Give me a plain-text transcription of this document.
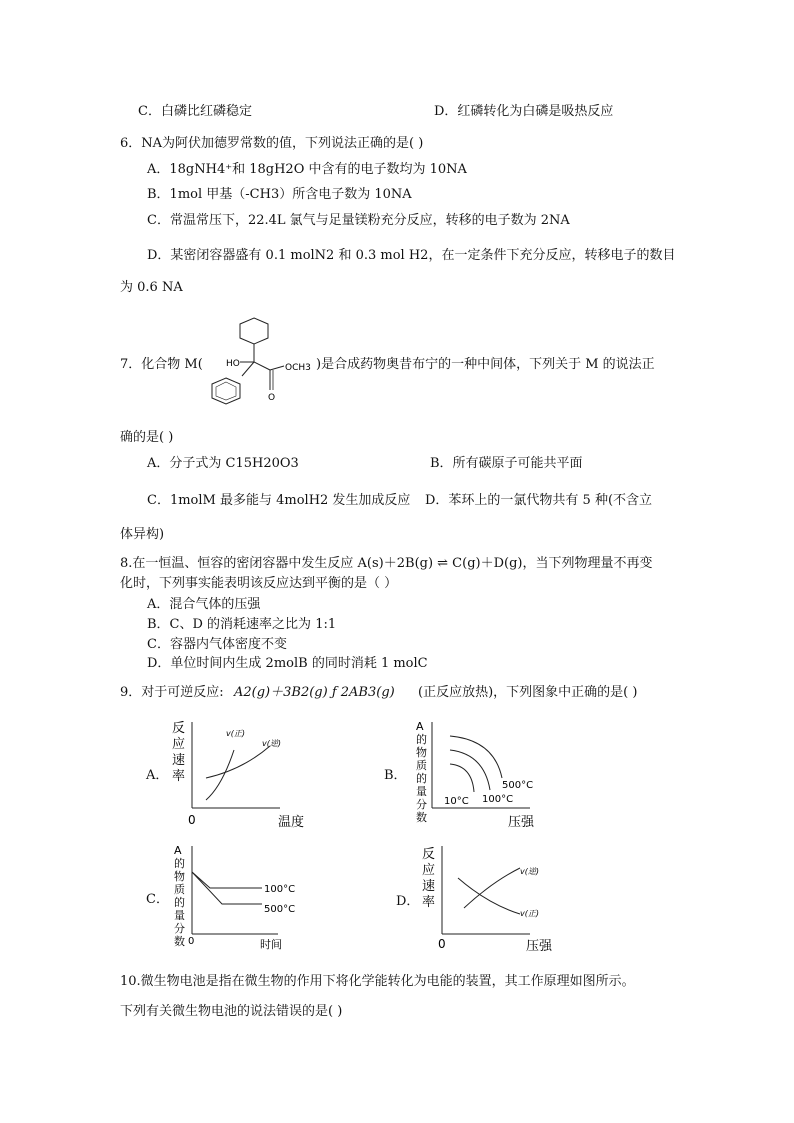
C．白磷比红磷稳定	D．红磷转化为白磷是吸热反应
6．NA为阿伏加德罗常数的值，下列说法正确的是( )
A．18gNH4⁺和 18gH2O 中含有的电子数均为 10NA
B．1mol 甲基（-CH3）所含电子数为 10NA
C．常温常压下，22.4L 氯气与足量镁粉充分反应，转移的电子数为 2NA
D．某密闭容器盛有 0.1 molN2 和 0.3 mol H2，在一定条件下充分反应，转移电子的数目
为 0.6 NA
7．化合物 M(	HO
O
OCH3 )是合成药物奥昔布宁的一种中间体，下列关于 M 的说法正
确的是( )
A．分子式为 C15H20O3	B．所有碳原子可能共平面
C．1molM 最多能与 4molH2 发生加成反应 D．苯环上的一氯代物共有 5 种(不含立
体异构)
8.在一恒温、恒容的密闭容器中发生反应 A(s)＋2B(g) ⇌ C(g)＋D(g)，当下列物理量不再变
化时，下列事实能表明该反应达到平衡的是（ ）
A．混合气体的压强
B．C、D 的消耗速率之比为 1:1
C．容器内气体密度不变
D．单位时间内生成 2molB 的同时消耗 1 molC
9．对于可逆反应: A2(g)＋3B2(g) ƒ 2AB3(g) (正反应放热)，下列图象中正确的是( )
A．
反
应
速
率
0	温度
v(正)
v(逆)
B．
A
的
物
质
的
量
分
数	压强
10°C 100°C
500°C
C．
A
的
物
质
的
量
分
数 0	时间
100°C
500°C
D．
反
应
速
率
0	压强
v(逆)
v(正)
10.微生物电池是指在微生物的作用下将化学能转化为电能的装置，其工作原理如图所示。
下列有关微生物电池的说法错误的是( )
